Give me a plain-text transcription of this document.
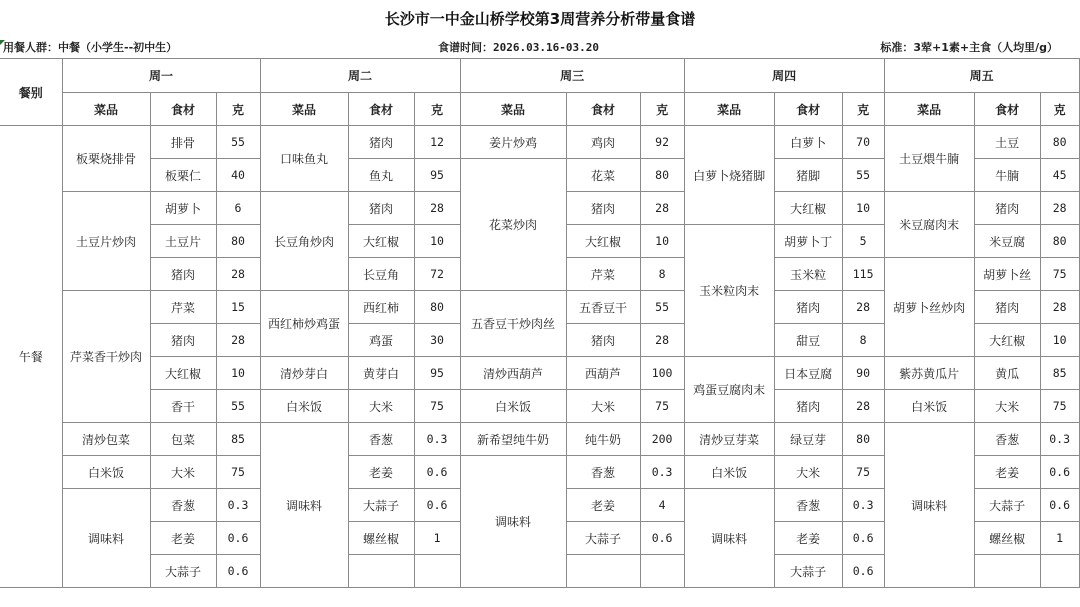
长沙市一中金山桥学校第3周营养分析带量食谱
用餐人群：中餐（小学生--初中生）	食谱时间：2026.03.16-03.20	标准：3荤+1素+主食（人均里/g）
餐别	周一			周二			周三			周四			周五		
	菜品	食材	克	菜品	食材	克	菜品	食材	克	菜品	食材	克	菜品	食材	克
午餐	板栗烧排骨	排骨	55	口味鱼丸	猪肉	12	姜片炒鸡	鸡肉	92	白萝卜烧猪脚	白萝卜	70	土豆煨牛腩	土豆	80
		板栗仁	40		鱼丸	95	花菜炒肉	花菜	80		猪脚	55		牛腩	45
	土豆片炒肉	胡萝卜	6	长豆角炒肉	猪肉	28		猪肉	28		大红椒	10	米豆腐肉末	猪肉	28
		土豆片	80		大红椒	10		大红椒	10	玉米粒肉末	胡萝卜丁	5		米豆腐	80
		猪肉	28		长豆角	72		芹菜	8		玉米粒	115	胡萝卜丝炒肉	胡萝卜丝	75
	芹菜香干炒肉	芹菜	15	西红柿炒鸡蛋	西红柿	80	五香豆干炒肉丝	五香豆干	55		猪肉	28		猪肉	28
		猪肉	28		鸡蛋	30		猪肉	28		甜豆	8		大红椒	10
		大红椒	10	清炒芽白	黄芽白	95	清炒西葫芦	西葫芦	100	鸡蛋豆腐肉末	日本豆腐	90	紫苏黄瓜片	黄瓜	85
		香干	55	白米饭	大米	75	白米饭	大米	75		猪肉	28	白米饭	大米	75
	清炒包菜	包菜	85	调味料	香葱	0.3	新希望纯牛奶	纯牛奶	200	清炒豆芽菜	绿豆芽	80	调味料	香葱	0.3
	白米饭	大米	75		老姜	0.6	调味料	香葱	0.3	白米饭	大米	75		老姜	0.6
	调味料	香葱	0.3		大蒜子	0.6		老姜	4	调味料	香葱	0.3		大蒜子	0.6
		老姜	0.6		螺丝椒	1		大蒜子	0.6		老姜	0.6		螺丝椒	1
		大蒜子	0.6								大蒜子	0.6			
